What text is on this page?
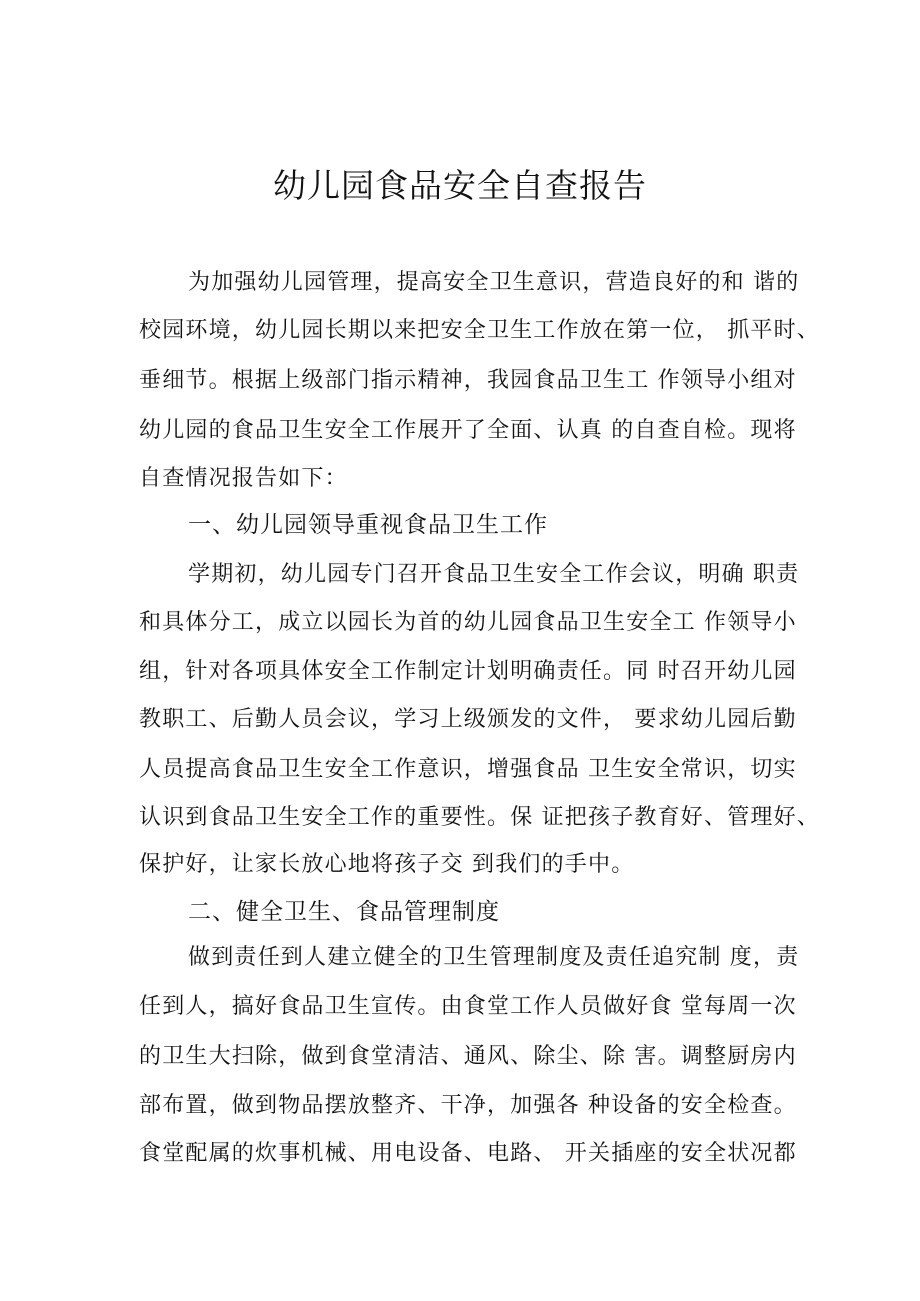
幼儿园食品安全自查报告
为加强幼儿园管理，提高安全卫生意识，营造良好的和 谐的
校园环境，幼儿园长期以来把安全卫生工作放在第一位， 抓平时、
垂细节。根据上级部门指示精神，我园食品卫生工 作领导小组对
幼儿园的食品卫生安全工作展开了全面、认真 的自查自检。现将
自查情况报告如下：
一、幼儿园领导重视食品卫生工作
学期初，幼儿园专门召开食品卫生安全工作会议，明确 职责
和具体分工，成立以园长为首的幼儿园食品卫生安全工 作领导小
组，针对各项具体安全工作制定计划明确责任。同 时召开幼儿园
教职工、后勤人员会议，学习上级颁发的文件， 要求幼儿园后勤
人员提高食品卫生安全工作意识，增强食品 卫生安全常识，切实
认识到食品卫生安全工作的重要性。保 证把孩子教育好、管理好、
保护好，让家长放心地将孩子交 到我们的手中。
二、健全卫生、食品管理制度
做到责任到人建立健全的卫生管理制度及责任追究制 度，责
任到人，搞好食品卫生宣传。由食堂工作人员做好食 堂每周一次
的卫生大扫除，做到食堂清洁、通风、除尘、除 害。调整厨房内
部布置，做到物品摆放整齐、干净，加强各 种设备的安全检查。
食堂配属的炊事机械、用电设备、电路、 开关插座的安全状况都
